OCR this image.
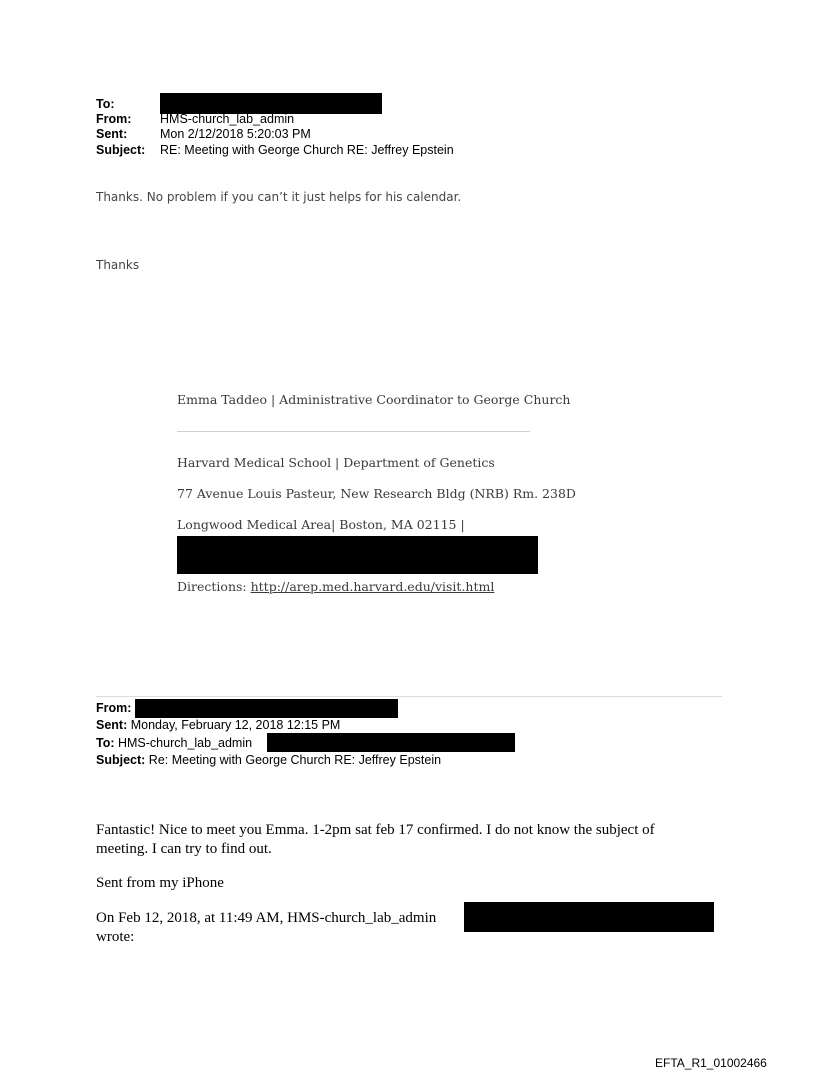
To:
From: HMS-church_lab_admin
Sent:	Mon 2/12/2018 5:20:03 PM
Subject: RE: Meeting with George Church RE: Jeffrey Epstein
Thanks. No problem if you can’t it just helps for his calendar.
Thanks
Emma Taddeo | Administrative Coordinator to George Church
Harvard Medical School | Department of Genetics
77 Avenue Louis Pasteur, New Research Bldg (NRB) Rm. 238D
Longwood Medical Area| Boston, MA 02115 |
Directions: http://arep.med.harvard.edu/visit.html
From:
Sent: Monday, February 12, 2018 12:15 PM
To: HMS-church_lab_admin
Subject: Re: Meeting with George Church RE: Jeffrey Epstein
Fantastic! Nice to meet you Emma. 1-2pm sat feb 17 confirmed. I do not know the subject of
meeting. I can try to find out.
Sent from my iPhone
On Feb 12, 2018, at 11:49 AM, HMS-church_lab_admin
wrote:
EFTA_R1_01002466
